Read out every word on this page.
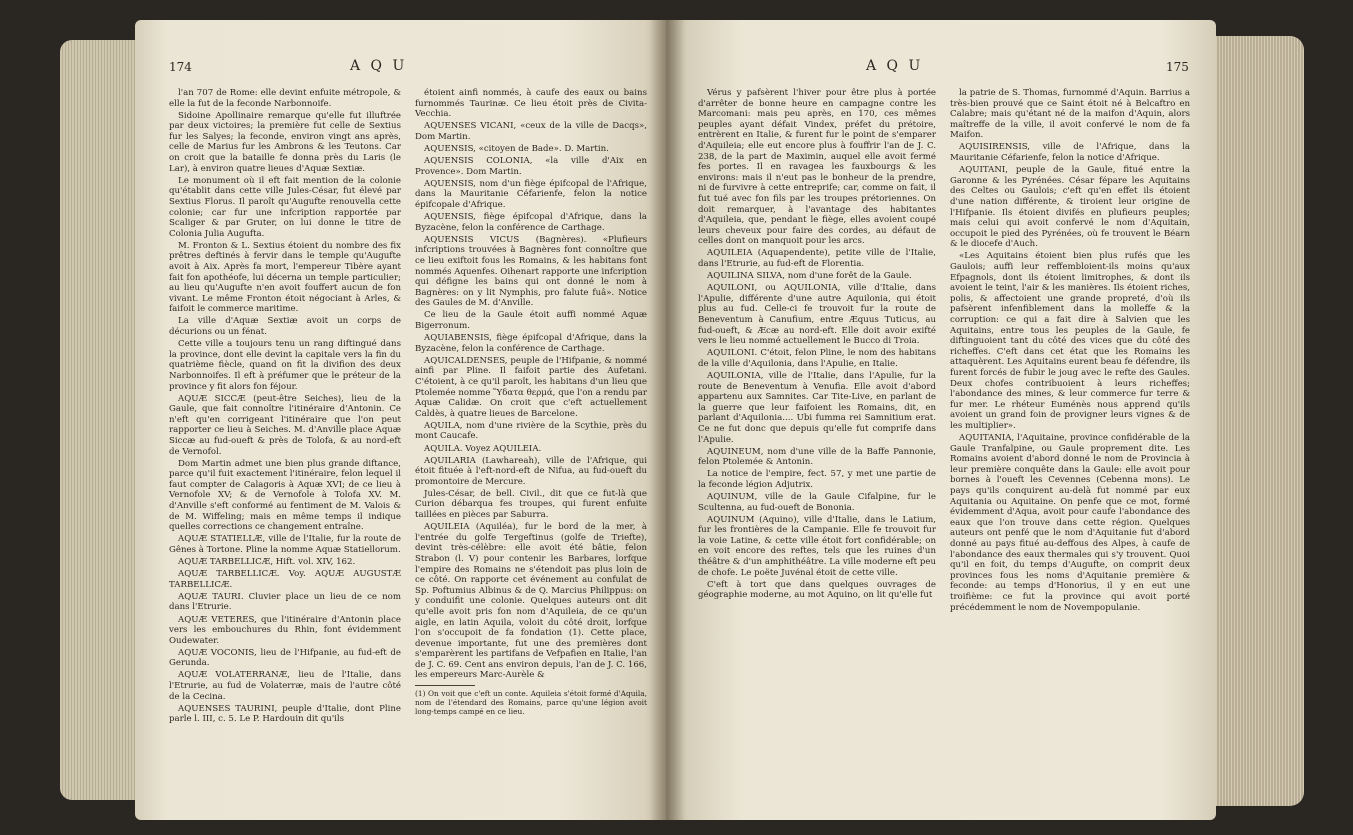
174	A Q U

l'an 707 de Rome: elle devint enfuite métropole, & elle la fut de la feconde Narbonnoife.

Sidoine Apollinaire remarque qu'elle fut illuftrée par deux victoires; la première fut celle de Sextius fur les Salyes; la feconde, environ vingt ans après, celle de Marius fur les Ambrons & les Teutons. Car on croit que la bataille fe donna près du Laris (le Lar), à environ quatre lieues d'Aquæ Sextiæ.

Le monument où il eft fait mention de la colonie qu'établit dans cette ville Jules-César, fut élevé par Sextius Florus. Il paroît qu'Augufte renouvella cette colonie; car fur une infcription rapportée par Scaliger & par Gruter, on lui donne le titre de Colonia Julia Augufta.

M. Fronton & L. Sextius étoient du nombre des fix prêtres deftinés à fervir dans le temple qu'Augufte avoit à Aix. Après fa mort, l'empereur Tibère ayant fait fon apothéofe, lui décerna un temple particulier; au lieu qu'Augufte n'en avoit fouffert aucun de fon vivant. Le même Fronton étoit négociant à Arles, & faifoit le commerce maritime.

La ville d'Aquæ Sextiæ avoit un corps de décurions ou un fénat.

Cette ville a toujours tenu un rang diftingué dans la province, dont elle devint la capitale vers la fin du quatrième fiècle, quand on fit la divifion des deux Narbonnoifes. Il eft à préfumer que le préteur de la province y fit alors fon féjour.

AQUÆ SICCÆ (peut-être Seiches), lieu de la Gaule, que fait connoître l'itinéraire d'Antonin. Ce n'eft qu'en corrigeant l'itinéraire que l'on peut rapporter ce lieu à Seiches. M. d'Anville place Aquæ Siccæ au fud-oueft & près de Tolofa, & au nord-eft de Vernofol.

Dom Martin admet une bien plus grande diftance, parce qu'il fuit exactement l'itinéraire, felon lequel il faut compter de Calagoris à Aquæ XVI; de ce lieu à Vernofole XV; & de Vernofole à Tolofa XV. M. d'Anville s'eft conformé au fentiment de M. Valois & de M. Wiffeling; mais en même temps il indique quelles corrections ce changement entraîne.

AQUÆ STATIELLÆ, ville de l'Italie, fur la route de Gênes à Tortone. Pline la nomme Aquæ Statiellorum.

AQUÆ TARBELLICÆ, Hift. vol. XIV, 162.

AQUÆ TARBELLICÆ. Voy. AQUÆ AUGUSTÆ TARBELLICÆ.

AQUÆ TAURI. Cluvier place un lieu de ce nom dans l'Etrurie.

AQUÆ VETERES, que l'itinéraire d'Antonin place vers les embouchures du Rhin, font évidemment Oudewater.

AQUÆ VOCONIS, lieu de l'Hifpanie, au fud-eft de Gerunda.

AQUÆ VOLATERRANÆ, lieu de l'Italie, dans l'Etrurie, au fud de Volaterræ, mais de l'autre côté de la Cecina.

AQUENSES TAURINI, peuple d'Italie, dont Pline parle l. III, c. 5. Le P. Hardouin dit qu'ils

étoient ainfi nommés, à caufe des eaux ou bains furnommés Taurinæ. Ce lieu étoit près de Civita-Vecchia.

AQUENSES VICANI, «ceux de la ville de Dacqs», Dom Martin.

AQUENSIS, «citoyen de Bade». D. Martin.

AQUENSIS COLONIA, «la ville d'Aix en Provence». Dom Martin.

AQUENSIS, nom d'un fiège épifcopal de l'Afrique, dans la Mauritanie Céfarienfe, felon la notice épifcopale d'Afrique.

AQUENSIS, fiège épifcopal d'Afrique, dans la Byzacène, felon la conférence de Carthage.

AQUENSIS VICUS (Bagnères). «Plufieurs infcriptions trouvées à Bagnères font connoître que ce lieu exiftoit fous les Romains, & les habitans font nommés Aquenfes. Oihenart rapporte une infcription qui défigne les bains qui ont donné le nom à Bagnères: on y lit Nymphis, pro falute fuâ». Notice des Gaules de M. d'Anville.

Ce lieu de la Gaule étoit auffi nommé Aquæ Bigerronum.

AQUIABENSIS, fiège épifcopal d'Afrique, dans la Byzacène, felon la conférence de Carthage.

AQUICALDENSES, peuple de l'Hifpanie, & nommé ainfi par Pline. Il faifoit partie des Aufetani. C'étoient, à ce qu'il paroît, les habitans d'un lieu que Ptolemée nomme Ὕδατα θερμά, que l'on a rendu par Aquæ Calidæ. On croit que c'eft actuellement Caldès, à quatre lieues de Barcelone.

AQUILA, nom d'une rivière de la Scythie, près du mont Caucafe.

AQUILA. Voyez AQUILEIA.

AQUILARIA (Lawhareah), ville de l'Afrique, qui étoit fituée à l'eft-nord-eft de Nifua, au fud-oueft du promontoire de Mercure.

Jules-César, de bell. Civil., dit que ce fut-là que Curion débarqua fes troupes, qui furent enfuite taillées en pièces par Saburra.

AQUILEIA (Aquiléa), fur le bord de la mer, à l'entrée du golfe Tergeftinus (golfe de Triefte), devint très-célèbre: elle avoit été bâtie, felon Strabon (l. V) pour contenir les Barbares, lorfque l'empire des Romains ne s'étendoit pas plus loin de ce côté. On rapporte cet événement au confulat de Sp. Poftumius Albinus & de Q. Marcius Philippus: on y conduifit une colonie. Quelques auteurs ont dit qu'elle avoit pris fon nom d'Aquileia, de ce qu'un aigle, en latin Aquila, voloit du côté droit, lorfque l'on s'occupoit de fa fondation (1). Cette place, devenue importante, fut une des premières dont s'emparèrent les partifans de Vefpafien en Italie, l'an de J. C. 69. Cent ans environ depuis, l'an de J. C. 166, les empereurs Marc-Aurèle &

(1) On voit que c'eft un conte. Aquileia s'étoit formé d'Aquila, nom de l'étendard des Romains, parce qu'une légion avoit long-temps campé en ce lieu.
A Q U	175

Vérus y pafsèrent l'hiver pour être plus à portée d'arrêter de bonne heure en campagne contre les Marcomani: mais peu après, en 170, ces mêmes peuples ayant défait Vindex, préfet du prétoire, entrèrent en Italie, & furent fur le point de s'emparer d'Aquileia; elle eut encore plus à fouffrir l'an de J. C. 238, de la part de Maximin, auquel elle avoit fermé fes portes. Il en ravagea les fauxbourgs & les environs: mais il n'eut pas le bonheur de la prendre, ni de furvivre à cette entreprife; car, comme on fait, il fut tué avec fon fils par les troupes prétoriennes. On doit remarquer, à l'avantage des habitantes d'Aquileia, que, pendant le fiège, elles avoient coupé leurs cheveux pour faire des cordes, au défaut de celles dont on manquoit pour les arcs.

AQUILEIA (Aquapendente), petite ville de l'Italie, dans l'Etrurie, au fud-eft de Florentia.

AQUILINA SILVA, nom d'une forêt de la Gaule.

AQUILONI, ou AQUILONIA, ville d'Italie, dans l'Apulie, différente d'une autre Aquilonia, qui étoit plus au fud. Celle-ci fe trouvoit fur la route de Beneventum à Canufium, entre Æquus Tuticus, au fud-oueft, & Æcæ au nord-eft. Elle doit avoir exifté vers le lieu nommé actuellement le Bucco di Troia.

AQUILONI. C'étoit, felon Pline, le nom des habitans de la ville d'Aquilonia, dans l'Apulie, en Italie.

AQUILONIA, ville de l'Italie, dans l'Apulie, fur la route de Beneventum à Venufia. Elle avoit d'abord appartenu aux Samnites. Car Tite-Live, en parlant de la guerre que leur faifoient les Romains, dit, en parlant d'Aquilonia.... Ubi fumma rei Samnitium erat. Ce ne fut donc que depuis qu'elle fut comprife dans l'Apulie.

AQUINEUM, nom d'une ville de la Baffe Pannonie, felon Ptolemée & Antonin.

La notice de l'empire, fect. 57, y met une partie de la feconde légion Adjutrix.

AQUINUM, ville de la Gaule Cifalpine, fur le Scultenna, au fud-oueft de Bononia.

AQUINUM (Aquino), ville d'Italie, dans le Latium, fur les frontières de la Campanie. Elle fe trouvoit fur la voie Latine, & cette ville étoit fort confidérable; on en voit encore des reftes, tels que les ruines d'un théâtre & d'un amphithéâtre. La ville moderne eft peu de chofe. Le poëte Juvénal étoit de cette ville.

C'eft à tort que dans quelques ouvrages de géographie moderne, au mot Aquino, on lit qu'elle fut

la patrie de S. Thomas, furnommé d'Aquin. Barrius a très-bien prouvé que ce Saint étoit né à Belcaftro en Calabre; mais qu'étant né de la maifon d'Aquin, alors maîtreffe de la ville, il avoit confervé le nom de fa Maifon.

AQUISIRENSIS, ville de l'Afrique, dans la Mauritanie Céfarienfe, felon la notice d'Afrique.

AQUITANI, peuple de la Gaule, fitué entre la Garonne & les Pyrénées. César fépare les Aquitains des Celtes ou Gaulois; c'eft qu'en effet ils étoient d'une nation différente, & tiroient leur origine de l'Hifpanie. Ils étoient divifés en plufieurs peuples; mais celui qui avoit confervé le nom d'Aquitain, occupoit le pied des Pyrénées, où fe trouvent le Béarn & le diocefe d'Auch.

«Les Aquitains étoient bien plus rufés que les Gaulois; auffi leur reffembloient-ils moins qu'aux Efpagnols, dont ils étoient limitrophes, & dont ils avoient le teint, l'air & les manières. Ils étoient riches, polis, & affectoient une grande propreté, d'où ils pafsèrent infenfiblement dans la molleffe & la corruption: ce qui a fait dire à Salvien que les Aquitains, entre tous les peuples de la Gaule, fe diftinguoient tant du côté des vices que du côté des richeffes. C'eft dans cet état que les Romains les attaquèrent. Les Aquitains eurent beau fe défendre, ils furent forcés de fubir le joug avec le refte des Gaules. Deux chofes contribuoient à leurs richeffes; l'abondance des mines, & leur commerce fur terre & fur mer. Le rhéteur Euménès nous apprend qu'ils avoient un grand foin de provigner leurs vignes & de les multiplier».

AQUITANIA, l'Aquitaine, province confidérable de la Gaule Tranfalpine, ou Gaule proprement dite. Les Romains avoient d'abord donné le nom de Provincia à leur première conquête dans la Gaule: elle avoit pour bornes à l'oueft les Cevennes (Cebenna mons). Le pays qu'ils conquirent au-delà fut nommé par eux Aquitania ou Aquitaine. On penfe que ce mot, formé évidemment d'Aqua, avoit pour caufe l'abondance des eaux que l'on trouve dans cette région. Quelques auteurs ont penfé que le nom d'Aquitanie fut d'abord donné au pays fitué au-deffous des Alpes, à caufe de l'abondance des eaux thermales qui s'y trouvent. Quoi qu'il en foit, du temps d'Augufte, on comprit deux provinces fous les noms d'Aquitanie première & feconde: au temps d'Honorius, il y en eut une troifième: ce fut la province qui avoit porté précédemment le nom de Novempopulanie.
